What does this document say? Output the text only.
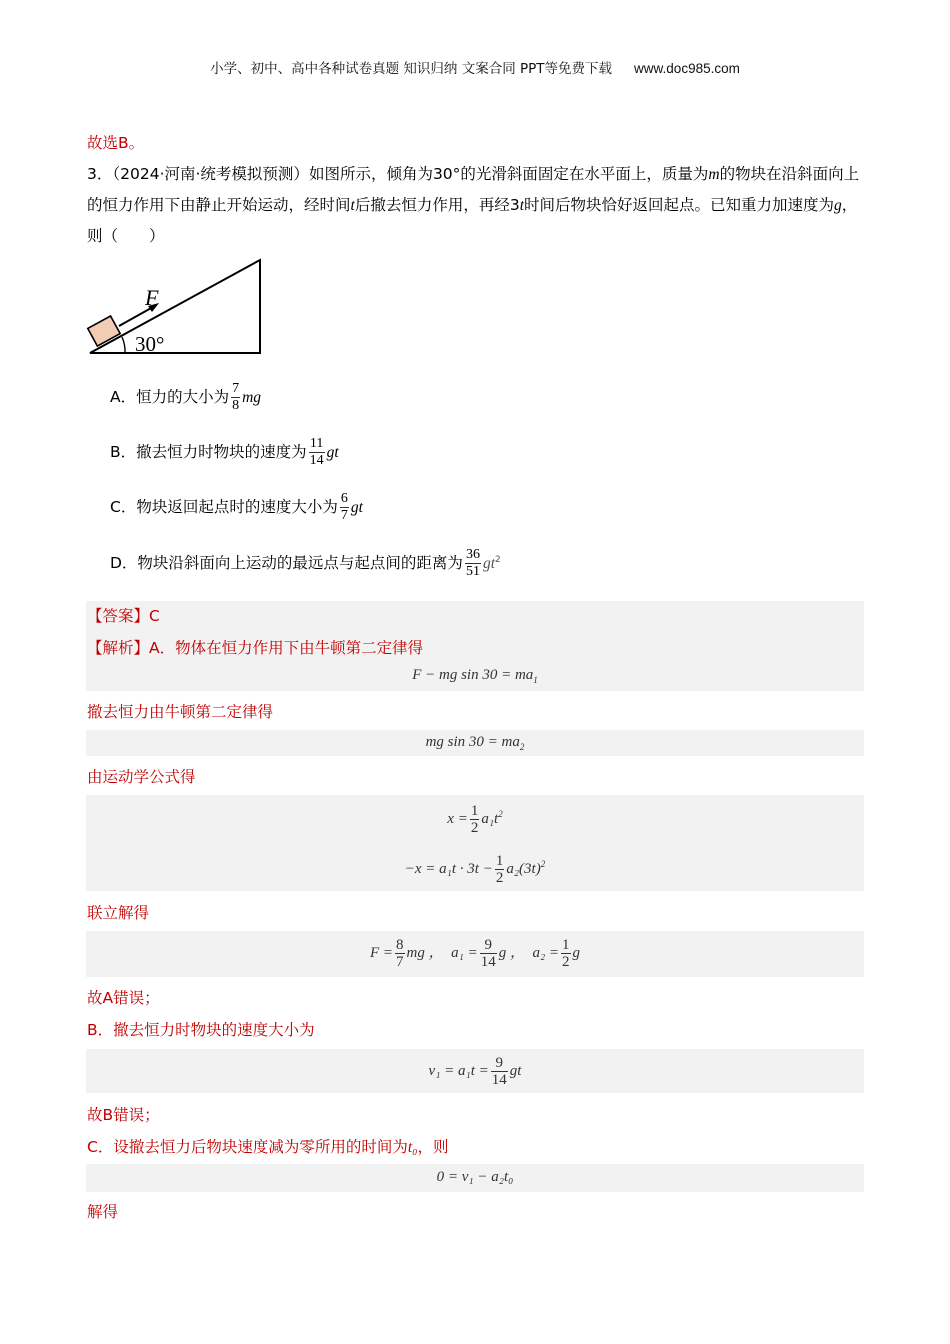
小学、初中、高中各种试卷真题 知识归纳 文案合同 PPT等免费下载 www.doc985.com
故选B。
3．（2024·河南·统考模拟预测）如图所示，倾角为30°的光滑斜面固定在水平面上，质量为m的物块在沿斜面向上的恒力作用下由静止开始运动，经时间t后撤去恒力作用，再经3t时间后物块恰好返回起点。已知重力加速度为g，则（　　）
F
30°
A．恒力的大小为 $\frac{7}{8}$ mg
B．撤去恒力时物块的速度为 $\frac{11}{14}$ gt
C．物块返回起点时的速度大小为 $\frac{6}{7}$ gt
D．物块沿斜面向上运动的最远点与起点间的距离为 $\frac{36}{51} gt^2$
【答案】C
【解析】A．物体在恒力作用下由牛顿第二定律得
F − mg $\sin 30 = ma_1$
撤去恒力由牛顿第二定律得
mg $\sin 30 = ma_2$
由运动学公式得
$x = \frac{1}{2} a_1t^2$
$-x = a_1t \cdot 3t - \frac{1}{2} a_2(3t)^2$
联立解得
$F = \frac{8}{7}$ mg ， $a_1 = \frac{9}{14}$ g ， $a_2 = \frac{1}{2}$ g
故A错误；
B．撤去恒力时物块的速度大小为
$v_1 = a_1t = \frac{9}{14}$ gt
故B错误；
C．设撤去恒力后物块速度减为零所用的时间为t₀，则
0 = v₁ − a₂t₀
解得
